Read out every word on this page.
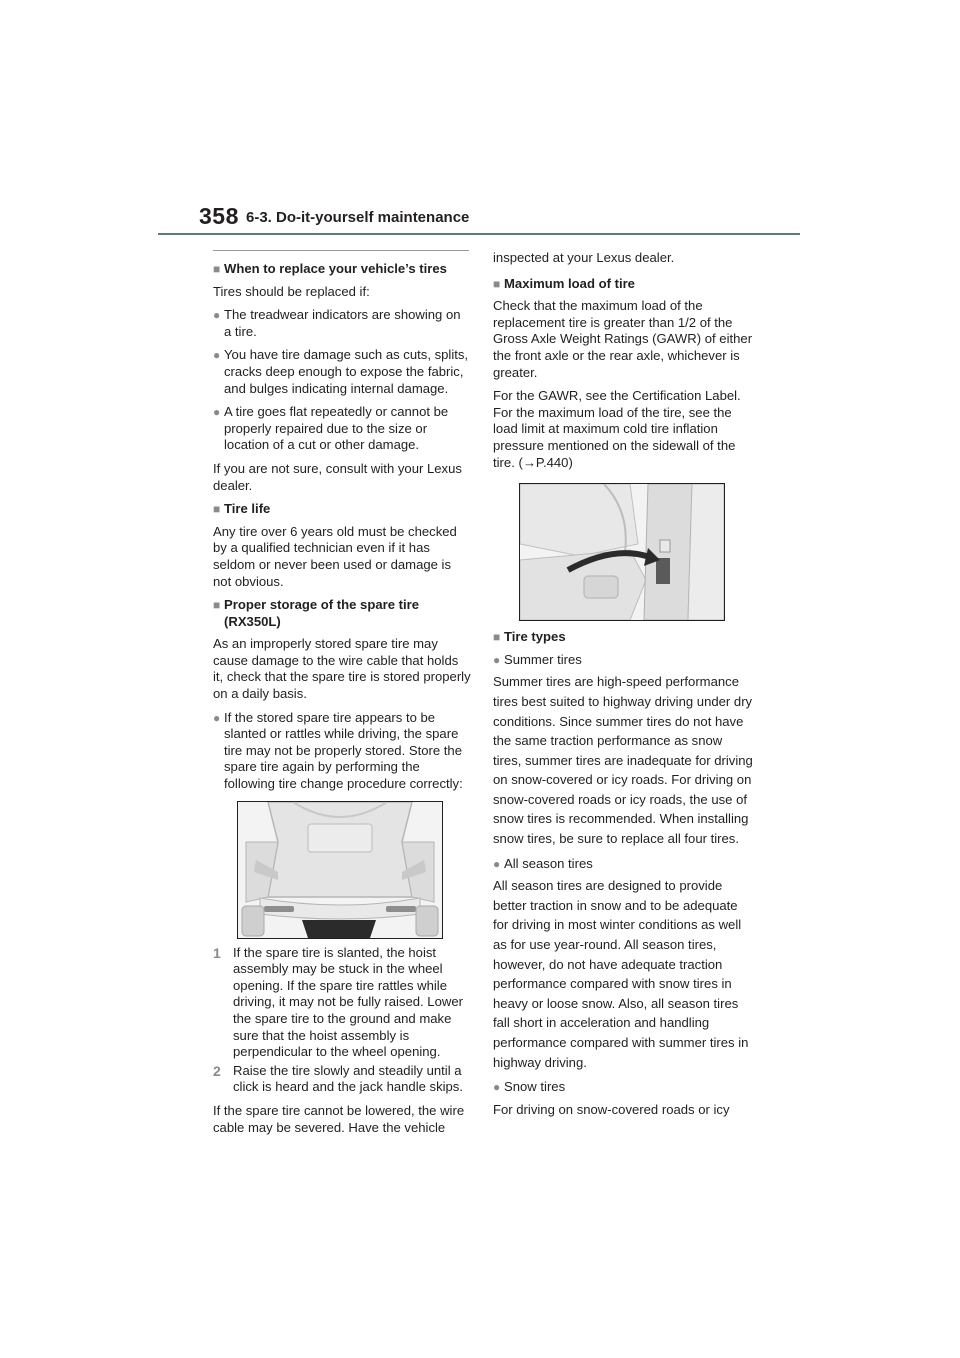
358 6-3. Do-it-yourself maintenance
■ When to replace your vehicle’s tires
Tires should be replaced if:
● The treadwear indicators are showing on a tire.
● You have tire damage such as cuts, splits, cracks deep enough to expose the fabric, and bulges indicating internal damage.
● A tire goes flat repeatedly or cannot be properly repaired due to the size or location of a cut or other damage.
If you are not sure, consult with your Lexus dealer.
■ Tire life
Any tire over 6 years old must be checked by a qualified technician even if it has seldom or never been used or damage is not obvious.
■ Proper storage of the spare tire (RX350L)
As an improperly stored spare tire may cause damage to the wire cable that holds it, check that the spare tire is stored properly on a daily basis.
● If the stored spare tire appears to be slanted or rattles while driving, the spare tire may not be properly stored. Store the spare tire again by performing the following tire change procedure correctly:
1 If the spare tire is slanted, the hoist assembly may be stuck in the wheel opening. If the spare tire rattles while driving, it may not be fully raised. Lower the spare tire to the ground and make sure that the hoist assembly is perpendicular to the wheel opening.
2 Raise the tire slowly and steadily until a click is heard and the jack handle skips.
If the spare tire cannot be lowered, the wire cable may be severed. Have the vehicle
inspected at your Lexus dealer.
■ Maximum load of tire
Check that the maximum load of the replacement tire is greater than 1/2 of the Gross Axle Weight Ratings (GAWR) of either the front axle or the rear axle, whichever is greater.
For the GAWR, see the Certification Label. For the maximum load of the tire, see the load limit at maximum cold tire inflation pressure mentioned on the sidewall of the tire. (→P.440)
■ Tire types
● Summer tires
Summer tires are high-speed performance tires best suited to highway driving under dry conditions. Since summer tires do not have the same traction performance as snow tires, summer tires are inadequate for driving on snow-covered or icy roads. For driving on snow-covered roads or icy roads, the use of snow tires is recommended. When installing snow tires, be sure to replace all four tires.
● All season tires
All season tires are designed to provide better traction in snow and to be adequate for driving in most winter conditions as well as for use year-round. All season tires, however, do not have adequate traction performance compared with snow tires in heavy or loose snow. Also, all season tires fall short in acceleration and handling performance compared with summer tires in highway driving.
● Snow tires
For driving on snow-covered roads or icy
